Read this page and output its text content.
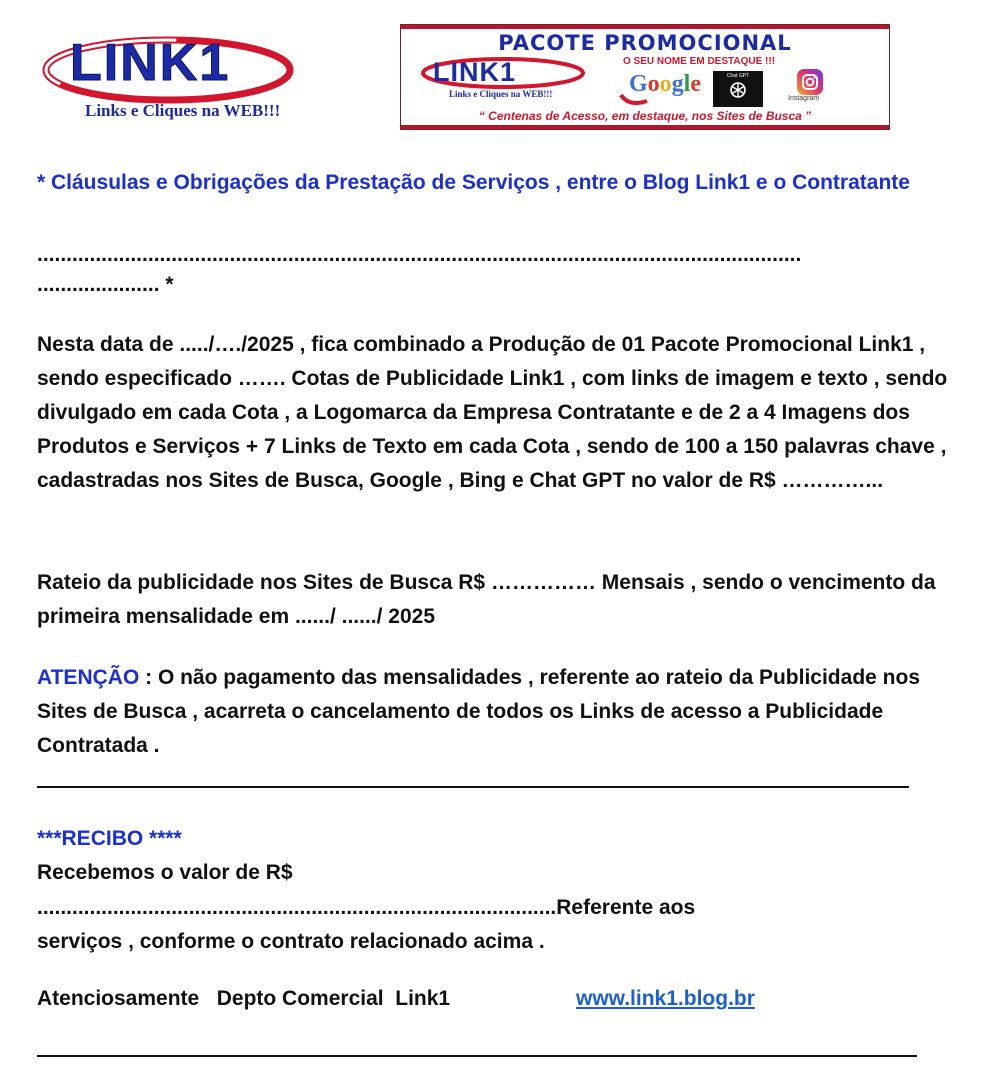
LINK1
Links e Cliques na WEB!!!
PACOTE PROMOCIONAL
LINK1
Links e Cliques na WEB!!!
O SEU NOME EM DESTAQUE !!!
Google	Chat GPT
Instagram
“ Centenas de Acesso, em destaque, nos Sites de Busca ”
* Cláusulas e Obrigações da Prestação de Serviços , entre o Blog Link1 e o Contratante
...................................................................................................................................
..................... *
Nesta data de ...../…./2025 , fica combinado a Produção de 01 Pacote Promocional Link1 , sendo especificado ……. Cotas de Publicidade Link1 , com links de imagem e texto , sendo divulgado em cada Cota , a Logomarca da Empresa Contratante e de 2 a 4 Imagens dos Produtos e Serviços + 7 Links de Texto em cada Cota , sendo de 100 a 150 palavras chave , cadastradas nos Sites de Busca, Google , Bing e Chat GPT no valor de R$ …………...
Rateio da publicidade nos Sites de Busca R$ …………… Mensais , sendo o vencimento da primeira mensalidade em ....../ ....../ 2025
ATENÇÃO : O não pagamento das mensalidades , referente ao rateio da Publicidade nos Sites de Busca , acarreta o cancelamento de todos os Links de acesso a Publicidade Contratada .
***RECIBO ****
Recebemos o valor de R$
.........................................................................................Referente aos
serviços , conforme o contrato relacionado acima .
Atenciosamente   Depto Comercial  Link1	www.link1.blog.br
